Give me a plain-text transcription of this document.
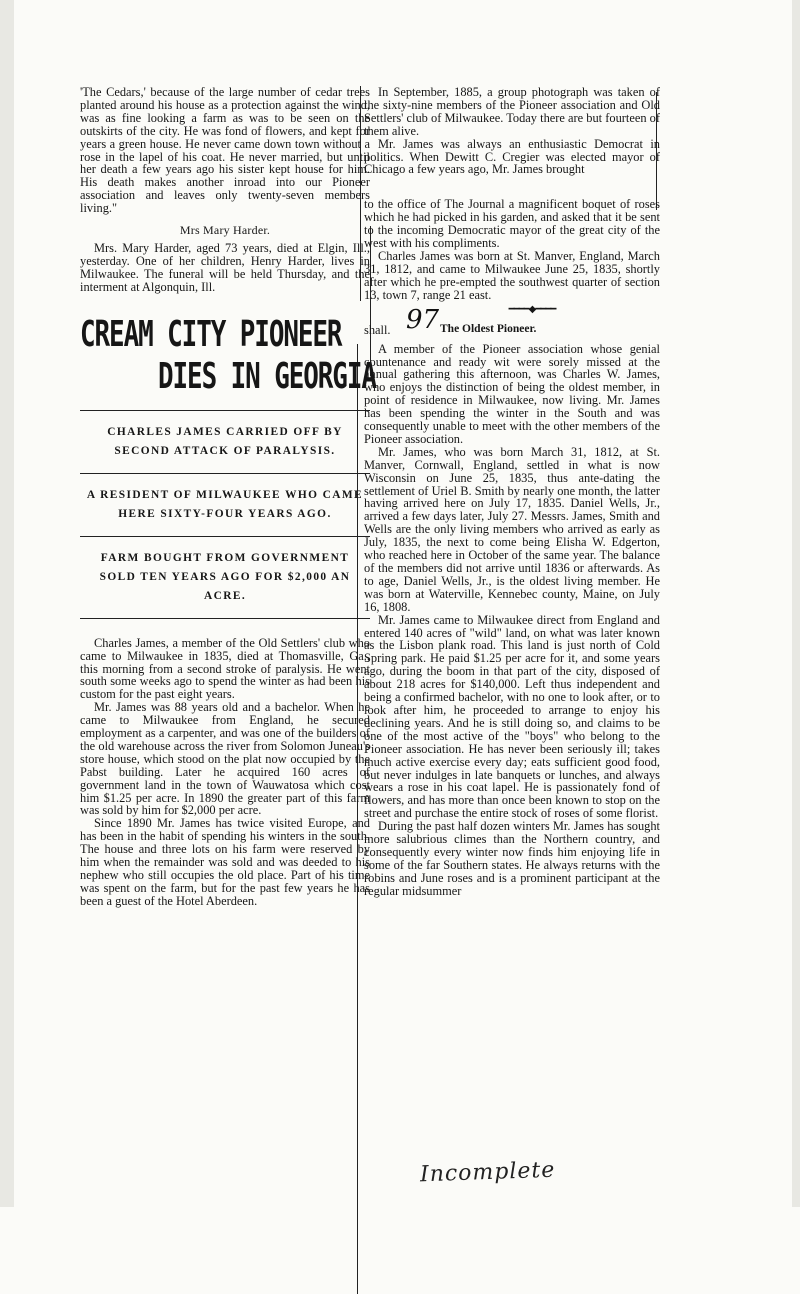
'The Cedars,' because of the large number of cedar trees planted around his house as a protection against the wind, was as fine looking a farm as was to be seen on the outskirts of the city. He was fond of flowers, and kept for years a green house. He never came down town without a rose in the lapel of his coat. He never married, but until her death a few years ago his sister kept house for him. His death makes another inroad into our Pioneer association and leaves only twenty-seven members living."

Mrs Mary Harder.

Mrs. Mary Harder, aged 73 years, died at Elgin, Ill., yesterday. One of her children, Henry Harder, lives in Milwaukee. The funeral will be held Thursday, and the interment at Algonquin, Ill.

CREAM CITY PIONEER
DIES IN GEORGIA
CHARLES JAMES CARRIED OFF BY SECOND ATTACK OF PARALYSIS.
A RESIDENT OF MILWAUKEE WHO CAME HERE SIXTY-FOUR YEARS AGO.
FARM BOUGHT FROM GOVERNMENT SOLD TEN YEARS AGO FOR $2,000 AN ACRE.

Charles James, a member of the Old Settlers' club who came to Milwaukee in 1835, died at Thomasville, Ga., this morning from a second stroke of paralysis. He went south some weeks ago to spend the winter as had been his custom for the past eight years.

Mr. James was 88 years old and a bachelor. When he came to Milwaukee from England, he secured employment as a carpenter, and was one of the builders of the old warehouse across the river from Solomon Juneau's store house, which stood on the plat now occupied by the Pabst building. Later he acquired 160 acres of government land in the town of Wauwatosa which cost him $1.25 per acre. In 1890 the greater part of this farm was sold by him for $2,000 per acre.

Since 1890 Mr. James has twice visited Europe, and has been in the habit of spending his winters in the south. The house and three lots on his farm were reserved by him when the remainder was sold and was deeded to his nephew who still occupies the old place. Part of his time was spent on the farm, but for the past few years he has been a guest of the Hotel Aberdeen.

In September, 1885, a group photograph was taken of the sixty-nine members of the Pioneer association and Old Settlers' club of Milwaukee. Today there are but fourteen of them alive.

Mr. James was always an enthusiastic Democrat in politics. When Dewitt C. Cregier was elected mayor of Chicago a few years ago, Mr. James brought

to the office of The Journal a magnificent boquet of roses which he had picked in his garden, and asked that it be sent to the incoming Democratic mayor of the great city of the west with his compliments.

Charles James was born at St. Manver, England, March 31, 1812, and came to Milwaukee June 25, 1835, shortly after which he pre-empted the southwest quarter of section 13, town 7, range 21 east.

━━━━◆━━━━
shall. 97 The Oldest Pioneer.

A member of the Pioneer association whose genial countenance and ready wit were sorely missed at the annual gathering this afternoon, was Charles W. James, who enjoys the distinction of being the oldest member, in point of residence in Milwaukee, now living. Mr. James has been spending the winter in the South and was consequently unable to meet with the other members of the Pioneer association.

Mr. James, who was born March 31, 1812, at St. Manver, Cornwall, England, settled in what is now Wisconsin on June 25, 1835, thus ante-dating the settlement of Uriel B. Smith by nearly one month, the latter having arrived here on July 17, 1835. Daniel Wells, Jr., arrived a few days later, July 27. Messrs. James, Smith and Wells are the only living members who arrived as early as July, 1835, the next to come being Elisha W. Edgerton, who reached here in October of the same year. The balance of the members did not arrive until 1836 or afterwards. As to age, Daniel Wells, Jr., is the oldest living member. He was born at Waterville, Kennebec county, Maine, on July 16, 1808.

Mr. James came to Milwaukee direct from England and entered 140 acres of "wild" land, on what was later known as the Lisbon plank road. This land is just north of Cold Spring park. He paid $1.25 per acre for it, and some years ago, during the boom in that part of the city, disposed of about 218 acres for $140,000. Left thus independent and being a confirmed bachelor, with no one to look after, or to look after him, he proceeded to arrange to enjoy his declining years. And he is still doing so, and claims to be one of the most active of the "boys" who belong to the Pioneer association. He has never been seriously ill; takes much active exercise every day; eats sufficient good food, but never indulges in late banquets or lunches, and always wears a rose in his coat lapel. He is passionately fond of flowers, and has more than once been known to stop on the street and purchase the entire stock of roses of some florist.

During the past half dozen winters Mr. James has sought more salubrious climes than the Northern country, and consequently every winter now finds him enjoying life in some of the far Southern states. He always returns with the robins and June roses and is a prominent participant at the regular midsummer

Incomplete
